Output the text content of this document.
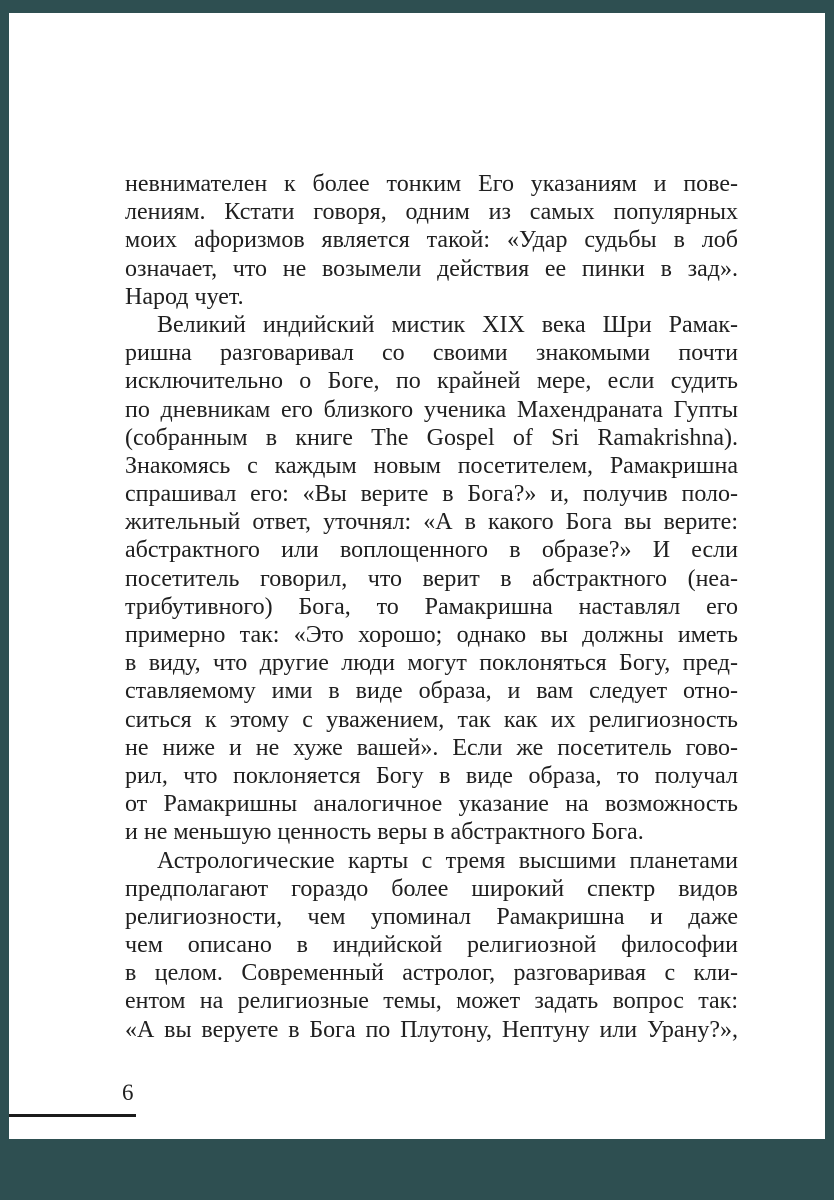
невнимателен к более тонким Его указаниям и пове-
лениям. Кстати говоря, одним из самых популярных
моих афоризмов является такой: «Удар судьбы в лоб
означает, что не возымели действия ее пинки в зад».
Народ чует.
Великий индийский мистик XIX века Шри Рамак-
ришна разговаривал со своими знакомыми почти
исключительно о Боге, по крайней мере, если судить
по дневникам его близкого ученика Махендраната Гупты
(собранным в книге The Gospel of Sri Ramakrishna).
Знакомясь с каждым новым посетителем, Рамакришна
спрашивал его: «Вы верите в Бога?» и, получив поло-
жительный ответ, уточнял: «А в какого Бога вы верите:
абстрактного или воплощенного в образе?» И если
посетитель говорил, что верит в абстрактного (неа-
трибутивного) Бога, то Рамакришна наставлял его
примерно так: «Это хорошо; однако вы должны иметь
в виду, что другие люди могут поклоняться Богу, пред-
ставляемому ими в виде образа, и вам следует отно-
ситься к этому с уважением, так как их религиозность
не ниже и не хуже вашей». Если же посетитель гово-
рил, что поклоняется Богу в виде образа, то получал
от Рамакришны аналогичное указание на возможность
и не меньшую ценность веры в абстрактного Бога.
Астрологические карты с тремя высшими планетами
предполагают гораздо более широкий спектр видов
религиозности, чем упоминал Рамакришна и даже
чем описано в индийской религиозной философии
в целом. Современный астролог, разговаривая с кли-
ентом на религиозные темы, может задать вопрос так:
«А вы веруете в Бога по Плутону, Нептуну или Урану?»,
6
